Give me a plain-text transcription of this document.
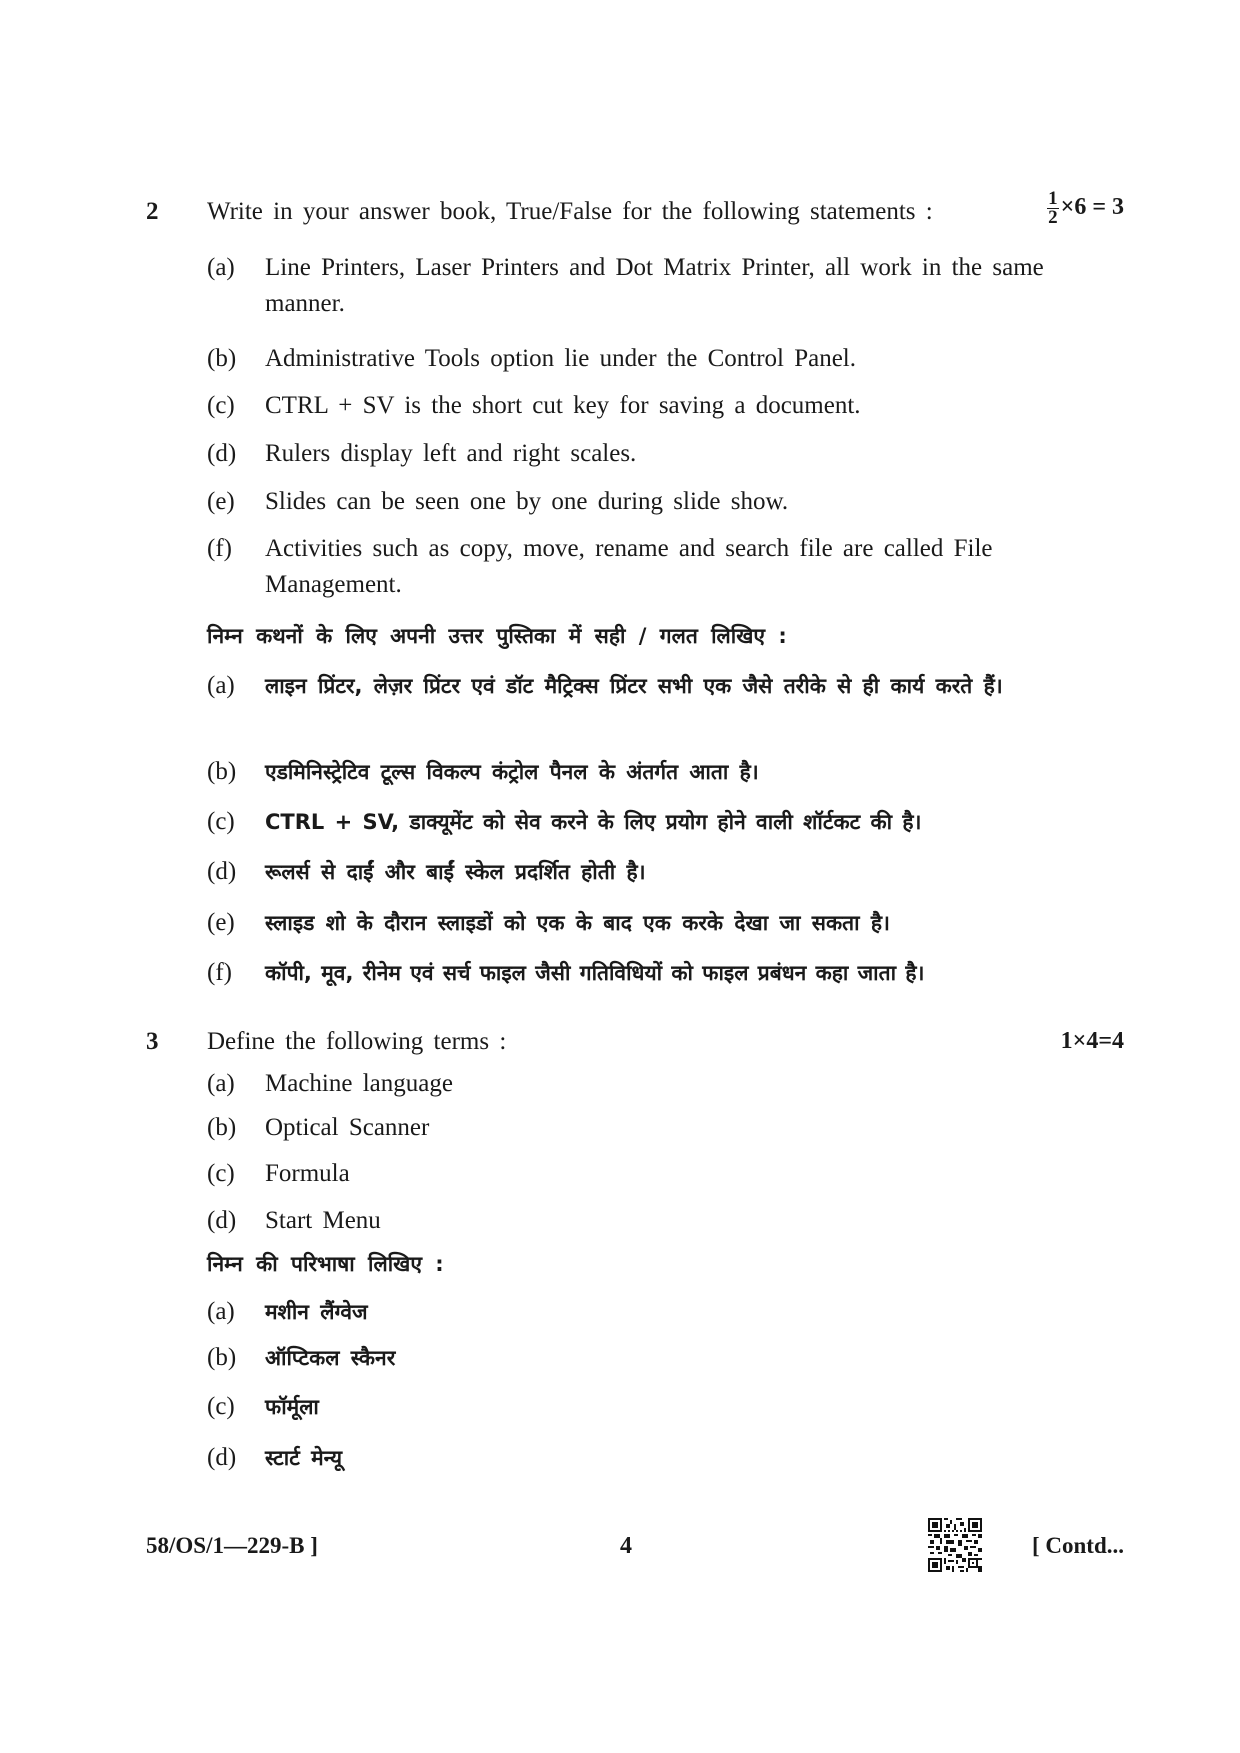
2 Write in your answer book, True/False for the following statements :	$\frac{1}{2} \times 6 = 3$
(a)	Line Printers, Laser Printers and Dot Matrix Printer, all work in the same manner.
(b)	Administrative Tools option lie under the Control Panel.
(c)	CTRL + SV is the short cut key for saving a document.
(d)	Rulers display left and right scales.
(e)	Slides can be seen one by one during slide show.
(f)	Activities such as copy, move, rename and search file are called File Management.
निम्न कथनों के लिए अपनी उत्तर पुस्तिका में सही / गलत लिखिए :
(a)	लाइन प्रिंटर, लेज़र प्रिंटर एवं डॉट मैट्रिक्स प्रिंटर सभी एक जैसे तरीके से ही कार्य करते हैं।
(b)	एडमिनिस्ट्रेटिव टूल्स विकल्प कंट्रोल पैनल के अंतर्गत आता है।
(c)	CTRL + SV, डाक्यूमेंट को सेव करने के लिए प्रयोग होने वाली शॉर्टकट की है।
(d)	रूलर्स से दाईं और बाईं स्केल प्रदर्शित होती है।
(e)	स्लाइड शो के दौरान स्लाइडों को एक के बाद एक करके देखा जा सकता है।
(f)	कॉपी, मूव, रीनेम एवं सर्च फाइल जैसी गतिविधियों को फाइल प्रबंधन कहा जाता है।
3 Define the following terms :	1×4=4
(a)	Machine language
(b)	Optical Scanner
(c)	Formula
(d)	Start Menu
निम्न की परिभाषा लिखिए :
(a)	मशीन लैंग्वेज
(b)	ऑप्टिकल स्कैनर
(c)	फॉर्मूला
(d)	स्टार्ट मेन्यू
58/OS/1—229-B ]	4	[ Contd...
